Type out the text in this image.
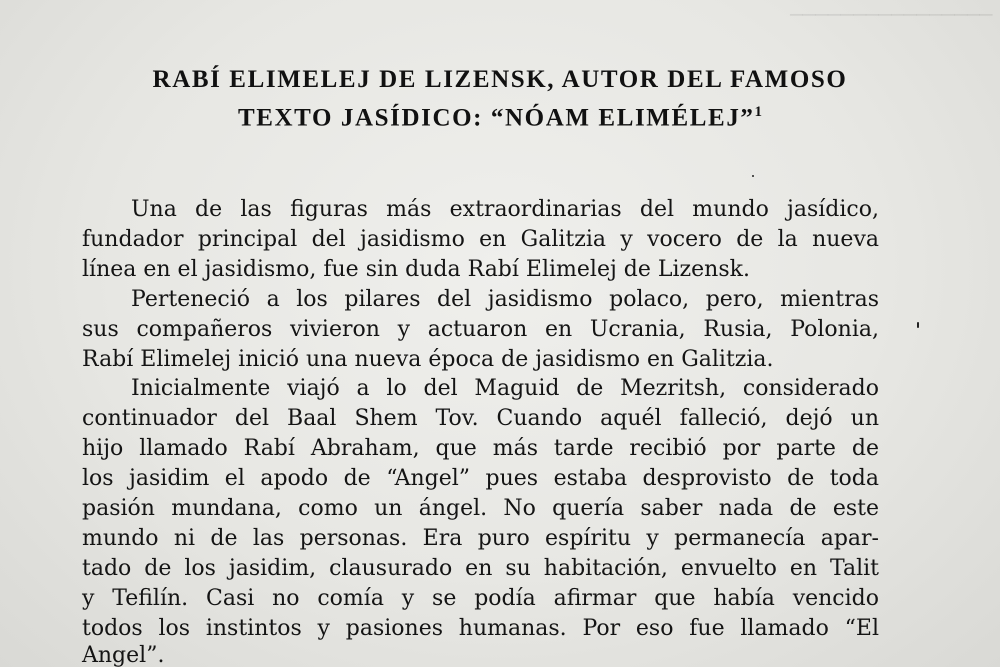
────────────────
RABÍ ELIMELEJ DE LIZENSK, AUTOR DEL FAMOSO
TEXTO JASÍDICO: “NÓAM ELIMÉLEJ”$^1$
Una de las figuras más extraordinarias del mundo jasídico,
fundador principal del jasidismo en Galitzia y vocero de la nueva
línea en el jasidismo, fue sin duda Rabí Elimelej de Lizensk.
Perteneció a los pilares del jasidismo polaco, pero, mientras
sus compañeros vivieron y actuaron en Ucrania, Rusia, Polonia,
Rabí Elimelej inició una nueva época de jasidismo en Galitzia.
Inicialmente viajó a lo del Maguid de Mezritsh, considerado
continuador del Baal Shem Tov. Cuando aquél falleció, dejó un
hijo llamado Rabí Abraham, que más tarde recibió por parte de
los jasidim el apodo de “Angel” pues estaba desprovisto de toda
pasión mundana, como un ángel. No quería saber nada de este
mundo ni de las personas. Era puro espíritu y permanecía apar-
tado de los jasidim, clausurado en su habitación, envuelto en Talit
y Tefilín. Casi no comía y se podía afirmar que había vencido
todos los instintos y pasiones humanas. Por eso fue llamado “El
Angel”.
